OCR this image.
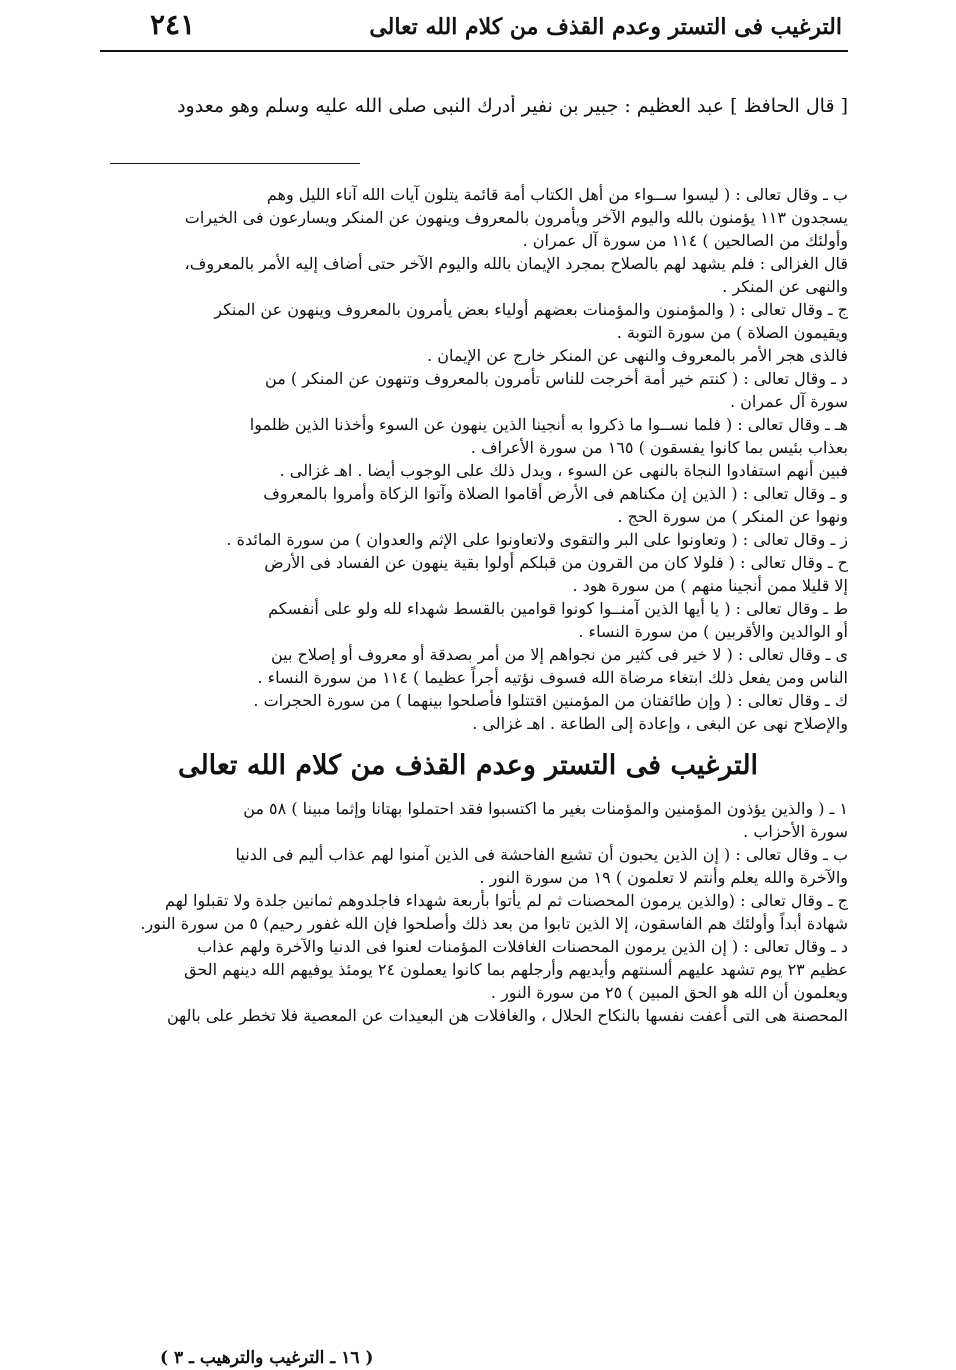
الترغيب فى التستر وعدم القذف من كلام الله تعالى
٢٤١
[ قال الحافظ ] عبد العظيم : جبير بن نفير أدرك النبى صلى الله عليه وسلم وهو معدود

ب ـ وقال تعالى : ( ليسوا ســواء من أهل الكتاب أمة قائمة يتلون آيات الله آناء الليل وهم

يسجدون ١١٣ يؤمنون بالله واليوم الآخر ويأمرون بالمعروف وينهون عن المنكر ويسارعون فى الخيرات

وأولئك من الصالحين ) ١١٤ من سورة آل عمران .

قال الغزالى : فلم يشهد لهم بالصلاح بمجرد الإيمان بالله واليوم الآخر حتى أضاف إليه الأمر بالمعروف،

والنهى عن المنكر .

ج ـ وقال تعالى : ( والمؤمنون والمؤمنات بعضهم أولياء بعض يأمرون بالمعروف وينهون عن المنكر

ويقيمون الصلاة ) من سورة التوبة .

فالذى هجر الأمر بالمعروف والنهى عن المنكر خارج عن الإيمان .

د ـ وقال تعالى : ( كنتم خير أمة أخرجت للناس تأمرون بالمعروف وتنهون عن المنكر ) من

سورة آل عمران .

هـ ـ وقال تعالى : ( فلما نســوا ما ذكروا به أنجينا الذين ينهون عن السوء وأخذنا الذين ظلموا

بعذاب بئيس بما كانوا يفسقون ) ١٦٥ من سورة الأعراف .

فبين أنهم استفادوا النجاة بالنهى عن السوء ، ويدل ذلك على الوجوب أيضا . اهـ غزالى .

و ـ وقال تعالى : ( الذين إن مكناهم فى الأرض أقاموا الصلاة وآتوا الزكاة وأمروا بالمعروف

ونهوا عن المنكر ) من سورة الحج .

ز ـ وقال تعالى : ( وتعاونوا على البر والتقوى ولاتعاونوا على الإثم والعدوان ) من سورة المائدة .

ح ـ وقال تعالى : ( فلولا كان من القرون من قبلكم أولوا بقية ينهون عن الفساد فى الأرض

إلا قليلا ممن أنجينا منهم ) من سورة هود .

ط ـ وقال تعالى : ( يا أيها الذين آمنــوا كونوا قوامين بالقسط شهداء لله ولو على أنفسكم

أو الوالدين والأقربين ) من سورة النساء .

ى ـ وقال تعالى : ( لا خير فى كثير من نجواهم إلا من أمر بصدقة أو معروف أو إصلاح بين

الناس ومن يفعل ذلك ابتغاء مرضاة الله فسوف نؤتيه أجراً عظيما ) ١١٤ من سورة النساء .

ك ـ وقال تعالى : ( وإن طائفتان من المؤمنين اقتتلوا فأصلحوا بينهما ) من سورة الحجرات .

والإصلاح نهى عن البغى ، وإعادة إلى الطاعة . اهـ غزالى .

الترغيب فى التستر وعدم القذف من كلام الله تعالى

١ ـ ( والذين يؤذون المؤمنين والمؤمنات بغير ما اكتسبوا فقد احتملوا بهتانا وإثما مبينا ) ٥٨ من

سورة الأحزاب .

ب ـ وقال تعالى : ( إن الذين يحبون أن تشيع الفاحشة فى الذين آمنوا لهم عذاب أليم فى الدنيا

والآخرة والله يعلم وأنتم لا تعلمون ) ١٩ من سورة النور .

ج ـ وقال تعالى : (والذين يرمون المحصنات ثم لم يأتوا بأربعة شهداء فاجلدوهم ثمانين جلدة ولا تقبلوا لهم

شهادة أبداً وأولئك هم الفاسقون، إلا الذين تابوا من بعد ذلك وأصلحوا فإن الله غفور رحيم) ٥ من سورة النور.

د ـ وقال تعالى : ( إن الذين يرمون المحصنات الغافلات المؤمنات لعنوا فى الدنيا والآخرة ولهم عذاب

عظيم ٢٣ يوم تشهد عليهم ألسنتهم وأيديهم وأرجلهم بما كانوا يعملون ٢٤ يومئذ يوفيهم الله دينهم الحق

ويعلمون أن الله هو الحق المبين ) ٢٥ من سورة النور .

المحصنة هى التى أعفت نفسها بالنكاح الحلال ، والغافلات هن البعيدات عن المعصية فلا تخطر على بالهن

( ١٦ ـ الترغيب والترهيب ـ ٣ )
